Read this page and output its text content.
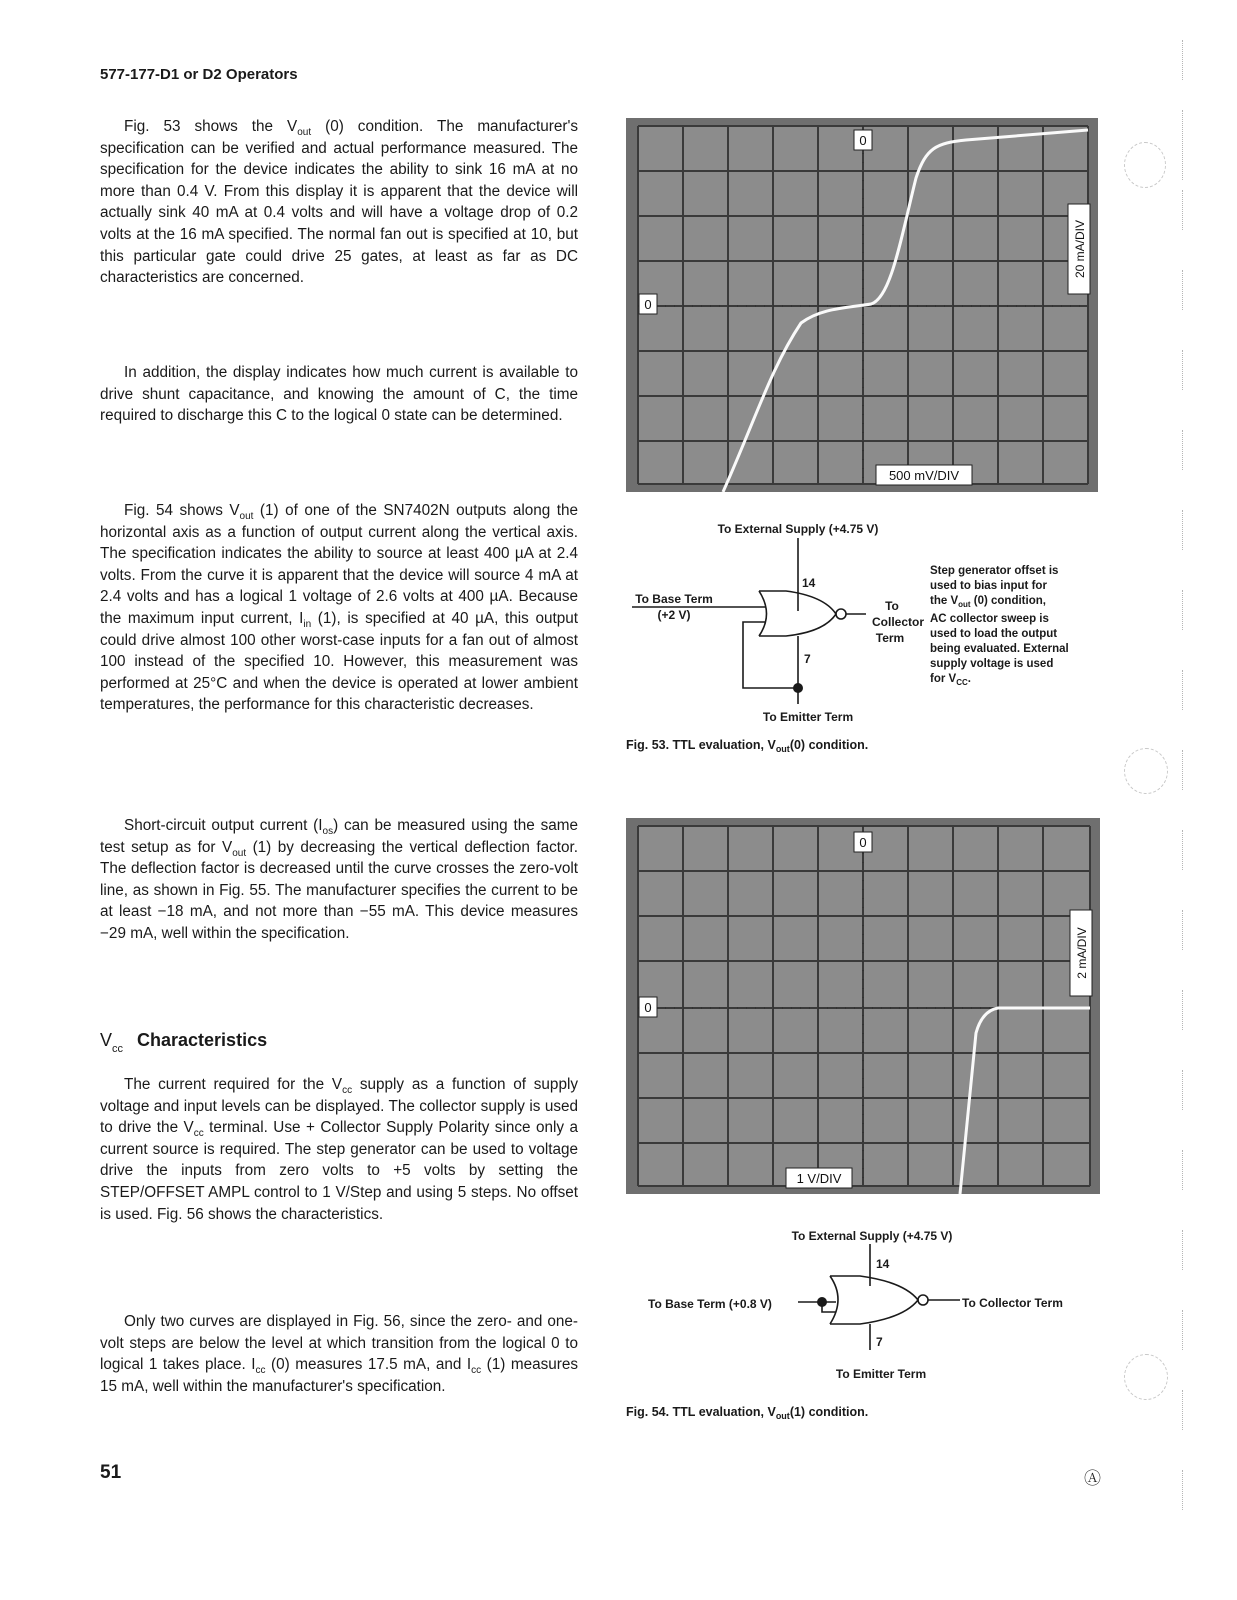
577-177-D1 or D2 Operators
Fig. 53 shows the $V_{out}$ (0) condition. The manufacturer's specification can be verified and actual performance measured. The specification for the device indicates the ability to sink 16 mA at no more than 0.4 V. From this display it is apparent that the device will actually sink 40 mA at 0.4 volts and will have a voltage drop of 0.2 volts at the 16 mA specified. The normal fan out is specified at 10, but this particular gate could drive 25 gates, at least as far as DC characteristics are concerned.
In addition, the display indicates how much current is available to drive shunt capacitance, and knowing the amount of C, the time required to discharge this C to the logical 0 state can be determined.
Fig. 54 shows $V_{out}$ (1) of one of the SN7402N outputs along the horizontal axis as a function of output current along the vertical axis. The specification indicates the ability to source at least 400 µA at 2.4 volts. From the curve it is apparent that the device will source 4 mA at 2.4 volts and has a logical 1 voltage of 2.6 volts at 400 µA. Because the maximum input current, $I_{in}$ (1), is specified at 40 µA, this output could drive almost 100 other worst-case inputs for a fan out of almost 100 instead of the specified 10. However, this measurement was performed at 25°C and when the device is operated at lower ambient temperatures, the performance for this characteristic decreases.
Short-circuit output current $(I_{os})$ can be measured using the same test setup as for $V_{out}$ (1) by decreasing the vertical deflection factor. The deflection factor is decreased until the curve crosses the zero-volt line, as shown in Fig. 55. The manufacturer specifies the current to be at least −18 mA, and not more than −55 mA. This device measures −29 mA, well within the specification.
$V_{cc}$ Characteristics
The current required for the $V_{cc}$ supply as a function of supply voltage and input levels can be displayed. The collector supply is used to drive the $V_{cc}$ terminal. Use + Collector Supply Polarity since only a current source is required. The step generator can be used to voltage drive the inputs from zero volts to +5 volts by setting the STEP/OFFSET AMPL control to 1 V/Step and using 5 steps. No offset is used. Fig. 56 shows the characteristics.
Only two curves are displayed in Fig. 56, since the zero- and one-volt steps are below the level at which transition from the logical 0 to logical 1 takes place. $I_{cc}$ (0) measures 17.5 mA, and $I_{cc}$ (1) measures 15 mA, well within the manufacturer's specification.
0
0
20 mA/DIV
500 mV/DIV
To External Supply (+4.75 V)
14
7
To Base Term
(+2 V)
To
Collector
Term
To Emitter Term
Step generator offset is
used to bias input for
the $V_{out}$ (0) condition,
AC collector sweep is
used to load the output
being evaluated. External
supply voltage is used
for $V_{CC}$.
Fig. 53. TTL evaluation, $V_{out}(0)$ condition.
0
0
2 mA/DIV
1 V/DIV
To External Supply (+4.75 V)
14
7
To Base Term (+0.8 V)	To Collector Term
To Emitter Term
Fig. 54. TTL evaluation, $V_{out}(1)$ condition.
51	Ⓐ
